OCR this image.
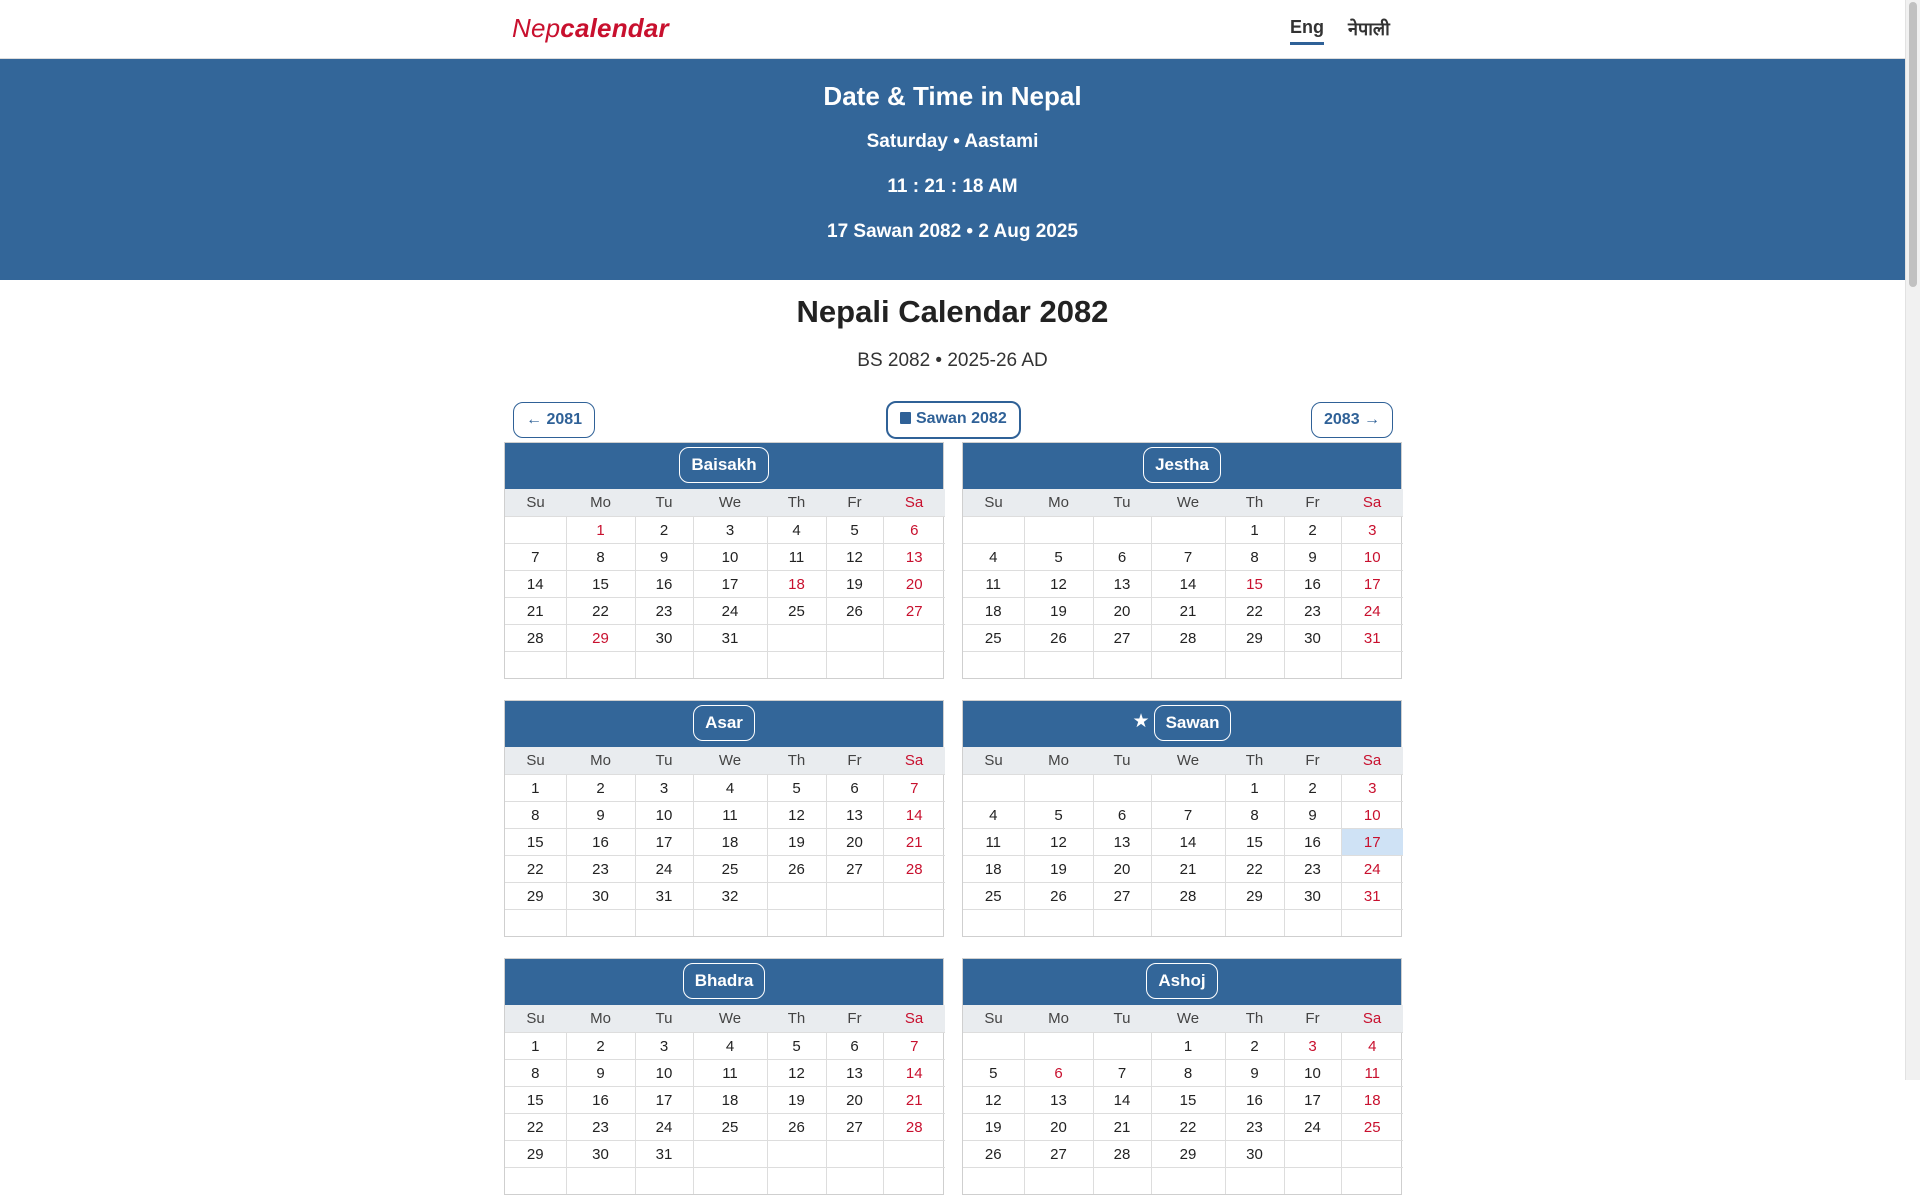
Nepcalendar	Eng नेपाली
Date & Time in Nepal
Saturday • Aastami
11 : 21 : 18 AM
17 Sawan 2082 • 2 Aug 2025
Nepali Calendar 2082
BS 2082 • 2025-26 AD
← 2081	Sawan 2082	2083 →
Baisakh
Su	Mo	Tu	We	Th	Fr	Sa
	1	2	3	4	5	6
7	8	9	10	11	12	13
14	15	16	17	18	19	20
21	22	23	24	25	26	27
28	29	30	31			

Jestha
Su	Mo	Tu	We	Th	Fr	Sa
				1	2	3
4	5	6	7	8	9	10
11	12	13	14	15	16	17
18	19	20	21	22	23	24
25	26	27	28	29	30	31

Asar
Su	Mo	Tu	We	Th	Fr	Sa
1	2	3	4	5	6	7
8	9	10	11	12	13	14
15	16	17	18	19	20	21
22	23	24	25	26	27	28
29	30	31	32			

★ Sawan
Su	Mo	Tu	We	Th	Fr	Sa
				1	2	3
4	5	6	7	8	9	10
11	12	13	14	15	16	17
18	19	20	21	22	23	24
25	26	27	28	29	30	31

Bhadra
Su	Mo	Tu	We	Th	Fr	Sa
1	2	3	4	5	6	7
8	9	10	11	12	13	14
15	16	17	18	19	20	21
22	23	24	25	26	27	28
29	30	31				

Ashoj
Su	Mo	Tu	We	Th	Fr	Sa
			1	2	3	4
5	6	7	8	9	10	11
12	13	14	15	16	17	18
19	20	21	22	23	24	25
26	27	28	29	30		
